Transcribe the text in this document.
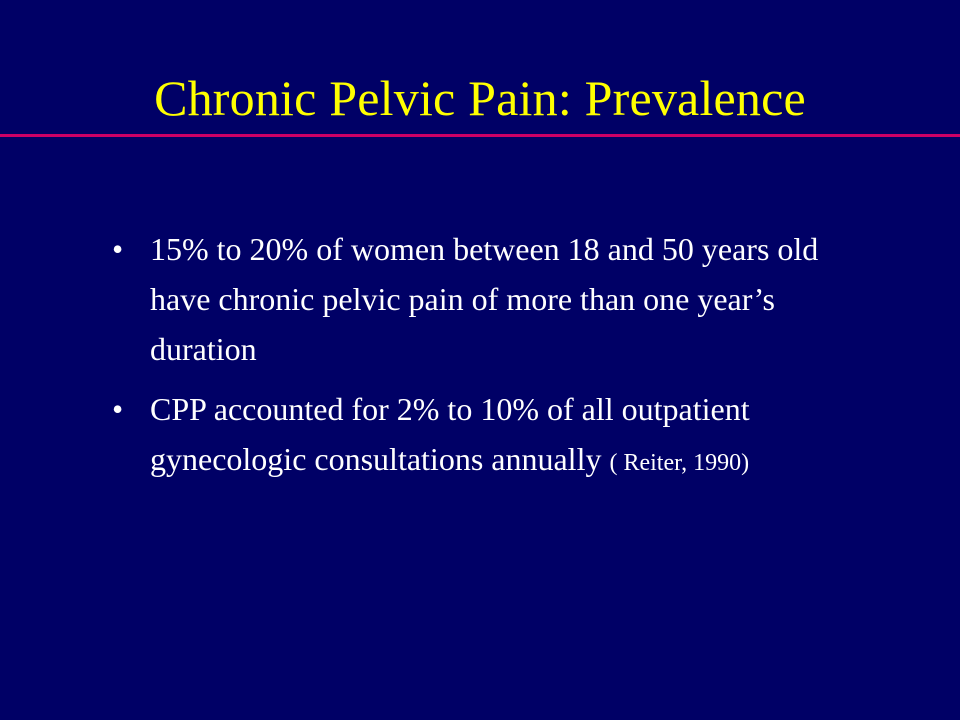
Chronic Pelvic Pain: Prevalence
• 15% to 20% of women between 18 and 50 years old have chronic pelvic pain of more than one year’s duration
• CPP accounted for 2% to 10% of all outpatient gynecologic consultations annually ( Reiter, 1990)
